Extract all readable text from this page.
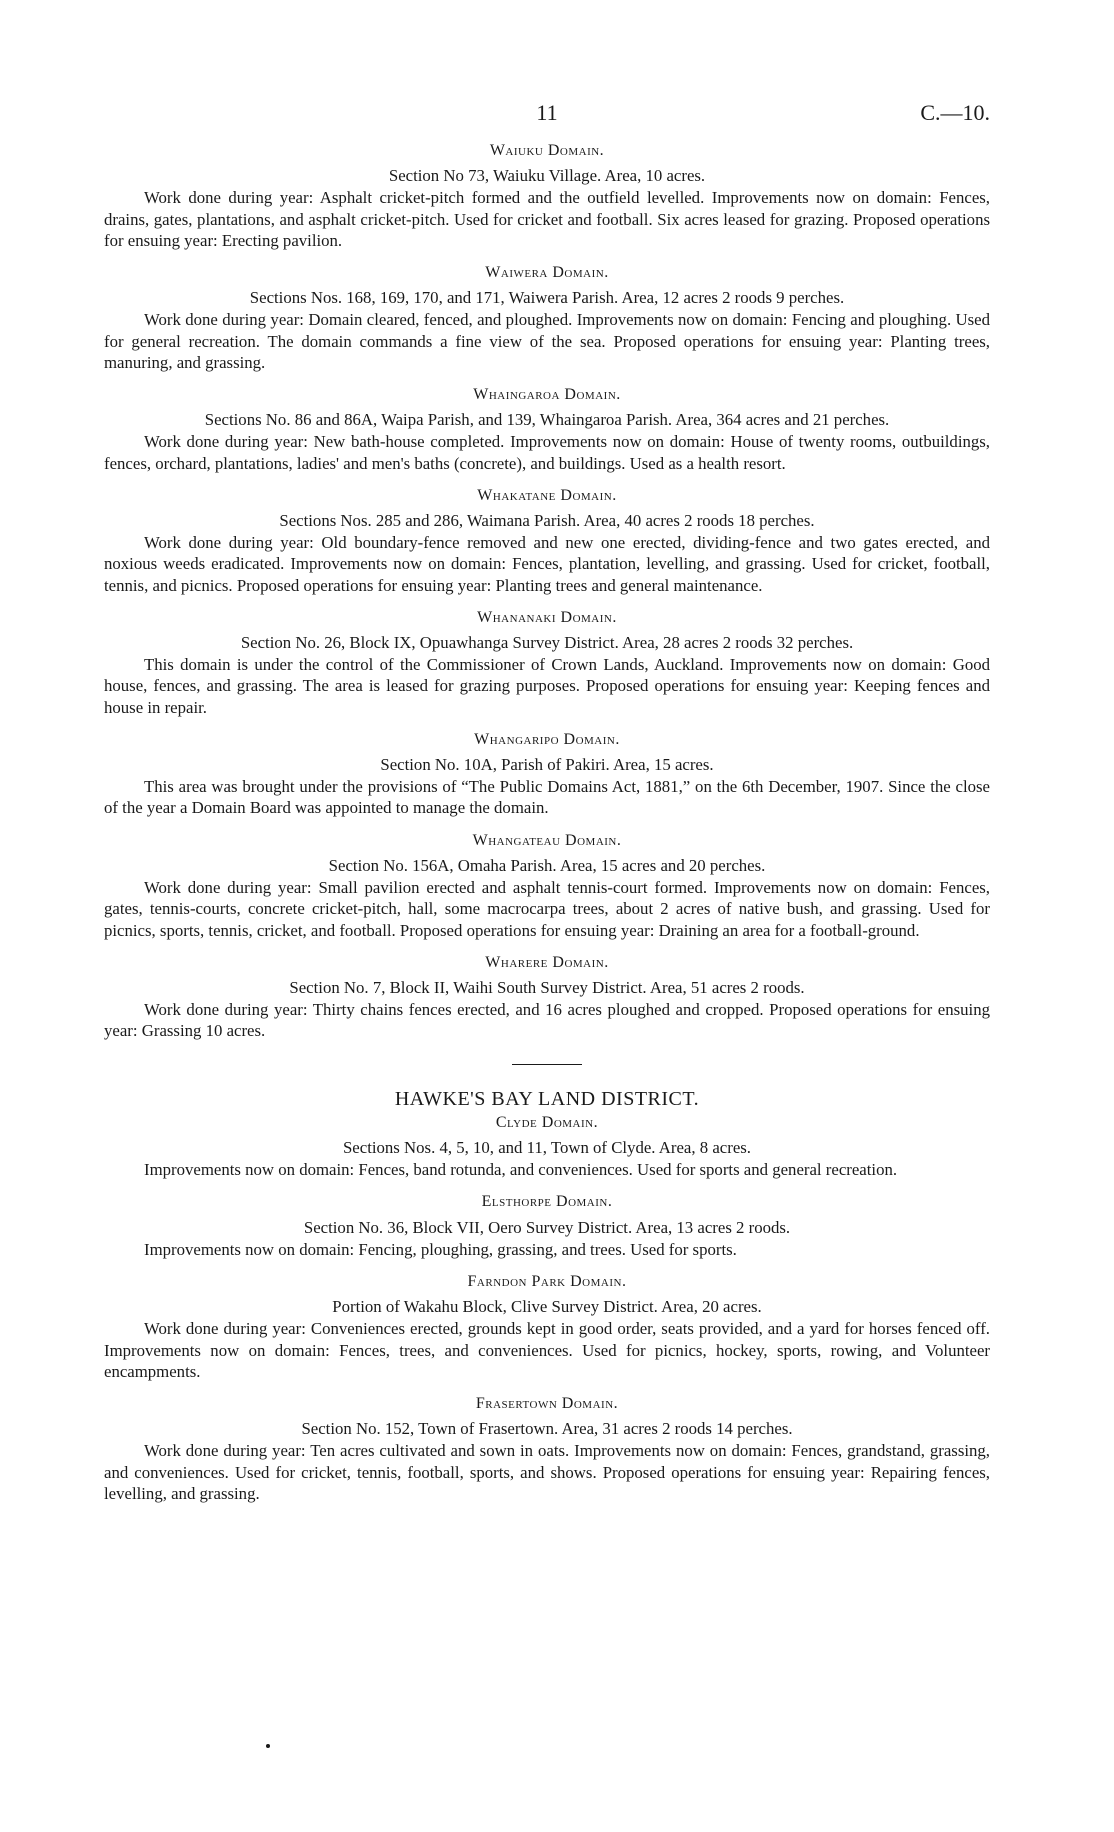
11	C.—10.
Waiuku Domain.

Section No 73, Waiuku Village. Area, 10 acres.

Work done during year: Asphalt cricket-pitch formed and the outfield levelled. Improvements now on domain: Fences, drains, gates, plantations, and asphalt cricket-pitch. Used for cricket and football. Six acres leased for grazing. Proposed operations for ensuing year: Erecting pavilion.

Waiwera Domain.

Sections Nos. 168, 169, 170, and 171, Waiwera Parish. Area, 12 acres 2 roods 9 perches.

Work done during year: Domain cleared, fenced, and ploughed. Improvements now on domain: Fencing and ploughing. Used for general recreation. The domain commands a fine view of the sea. Proposed operations for ensuing year: Planting trees, manuring, and grassing.

Whaingaroa Domain.

Sections No. 86 and 86A, Waipa Parish, and 139, Whaingaroa Parish. Area, 364 acres and 21 perches.

Work done during year: New bath-house completed. Improvements now on domain: House of twenty rooms, outbuildings, fences, orchard, plantations, ladies' and men's baths (concrete), and buildings. Used as a health resort.

Whakatane Domain.

Sections Nos. 285 and 286, Waimana Parish. Area, 40 acres 2 roods 18 perches.

Work done during year: Old boundary-fence removed and new one erected, dividing-fence and two gates erected, and noxious weeds eradicated. Improvements now on domain: Fences, plantation, levelling, and grassing. Used for cricket, football, tennis, and picnics. Proposed operations for ensuing year: Planting trees and general maintenance.

Whananaki Domain.

Section No. 26, Block IX, Opuawhanga Survey District. Area, 28 acres 2 roods 32 perches.

This domain is under the control of the Commissioner of Crown Lands, Auckland. Improvements now on domain: Good house, fences, and grassing. The area is leased for grazing purposes. Proposed operations for ensuing year: Keeping fences and house in repair.

Whangaripo Domain.

Section No. 10A, Parish of Pakiri. Area, 15 acres.

This area was brought under the provisions of “The Public Domains Act, 1881,” on the 6th December, 1907. Since the close of the year a Domain Board was appointed to manage the domain.

Whangateau Domain.

Section No. 156A, Omaha Parish. Area, 15 acres and 20 perches.

Work done during year: Small pavilion erected and asphalt tennis-court formed. Improvements now on domain: Fences, gates, tennis-courts, concrete cricket-pitch, hall, some macrocarpa trees, about 2 acres of native bush, and grassing. Used for picnics, sports, tennis, cricket, and football. Proposed operations for ensuing year: Draining an area for a football-ground.

Wharere Domain.

Section No. 7, Block II, Waihi South Survey District. Area, 51 acres 2 roods.

Work done during year: Thirty chains fences erected, and 16 acres ploughed and cropped. Proposed operations for ensuing year: Grassing 10 acres.

HAWKE'S BAY LAND DISTRICT.
Clyde Domain.

Sections Nos. 4, 5, 10, and 11, Town of Clyde. Area, 8 acres.

Improvements now on domain: Fences, band rotunda, and conveniences. Used for sports and general recreation.

Elsthorpe Domain.

Section No. 36, Block VII, Oero Survey District. Area, 13 acres 2 roods.

Improvements now on domain: Fencing, ploughing, grassing, and trees. Used for sports.

Farndon Park Domain.

Portion of Wakahu Block, Clive Survey District. Area, 20 acres.

Work done during year: Conveniences erected, grounds kept in good order, seats provided, and a yard for horses fenced off. Improvements now on domain: Fences, trees, and conveniences. Used for picnics, hockey, sports, rowing, and Volunteer encampments.

Frasertown Domain.

Section No. 152, Town of Frasertown. Area, 31 acres 2 roods 14 perches.

Work done during year: Ten acres cultivated and sown in oats. Improvements now on domain: Fences, grandstand, grassing, and conveniences. Used for cricket, tennis, football, sports, and shows. Proposed operations for ensuing year: Repairing fences, levelling, and grassing.
